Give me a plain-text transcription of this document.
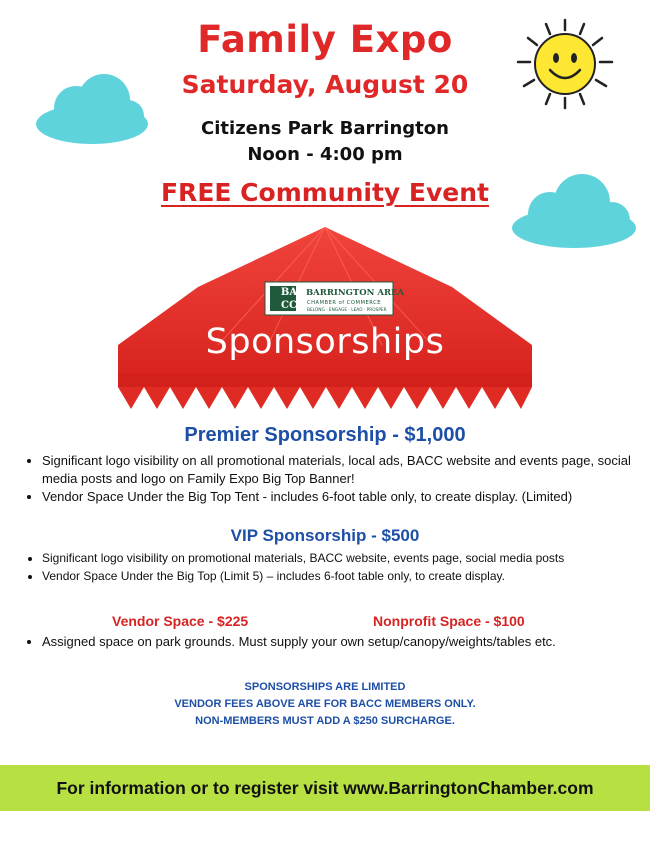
Family Expo
Saturday, August 20
Citizens Park Barrington
Noon - 4:00 pm
FREE Community Event
BA
CC
BARRINGTON AREA
CHAMBER of COMMERCE
BELONG · ENGAGE · LEAD · PROSPER
Sponsorships
Premier Sponsorship - $1,000
• Significant logo visibility on all promotional materials, local ads, BACC website and events page, social media posts and logo on Family Expo Big Top Banner!
• Vendor Space Under the Big Top Tent - includes 6-foot table only, to create display. (Limited)
VIP Sponsorship - $500
• Significant logo visibility on promotional materials, BACC website, events page, social media posts
• Vendor Space Under the Big Top (Limit 5) – includes 6-foot table only, to create display.
Vendor Space - $225	Nonprofit Space - $100
• Assigned space on park grounds. Must supply your own setup/canopy/weights/tables etc.
SPONSORSHIPS ARE LIMITED
VENDOR FEES ABOVE ARE FOR BACC MEMBERS ONLY.
NON-MEMBERS MUST ADD A $250 SURCHARGE.
For information or to register visit www.BarringtonChamber.com
